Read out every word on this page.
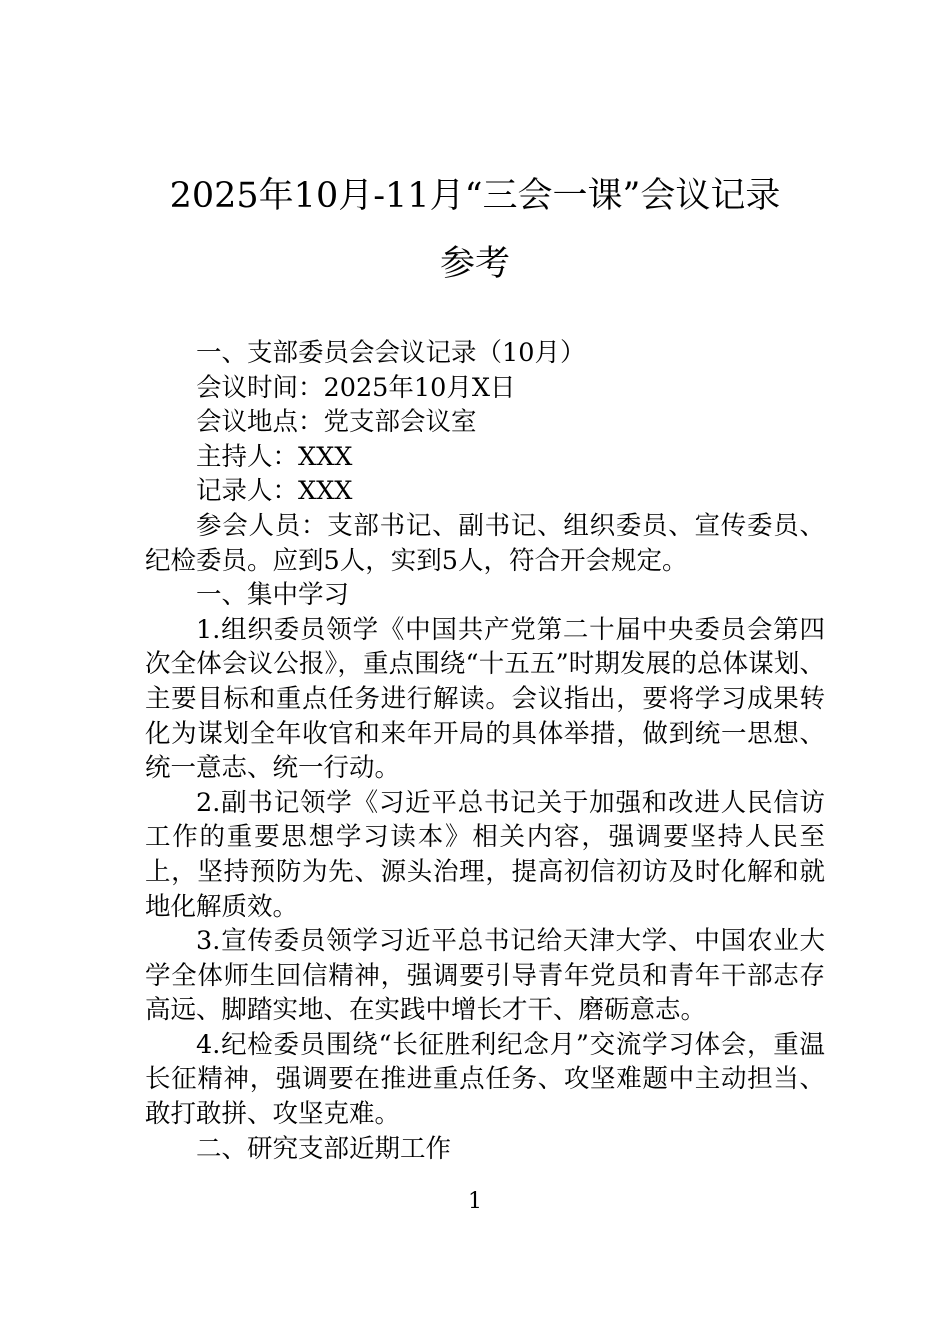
2025年10月-11月“三会一课”会议记录
参考

一、支部委员会会议记录（10月）

会议时间：2025年10月X日

会议地点：党支部会议室

主持人：XXX

记录人：XXX

参会人员：支部书记、副书记、组织委员、宣传委员、纪检委员。应到5人，实到5人，符合开会规定。

一、集中学习

1.组织委员领学《中国共产党第二十届中央委员会第四次全体会议公报》，重点围绕“十五五”时期发展的总体谋划、主要目标和重点任务进行解读。会议指出，要将学习成果转化为谋划全年收官和来年开局的具体举措，做到统一思想、统一意志、统一行动。

2.副书记领学《习近平总书记关于加强和改进人民信访工作的重要思想学习读本》相关内容，强调要坚持人民至上，坚持预防为先、源头治理，提高初信初访及时化解和就地化解质效。

3.宣传委员领学习近平总书记给天津大学、中国农业大学全体师生回信精神，强调要引导青年党员和青年干部志存高远、脚踏实地、在实践中增长才干、磨砺意志。

4.纪检委员围绕“长征胜利纪念月”交流学习体会，重温长征精神，强调要在推进重点任务、攻坚难题中主动担当、敢打敢拼、攻坚克难。

二、研究支部近期工作

1
